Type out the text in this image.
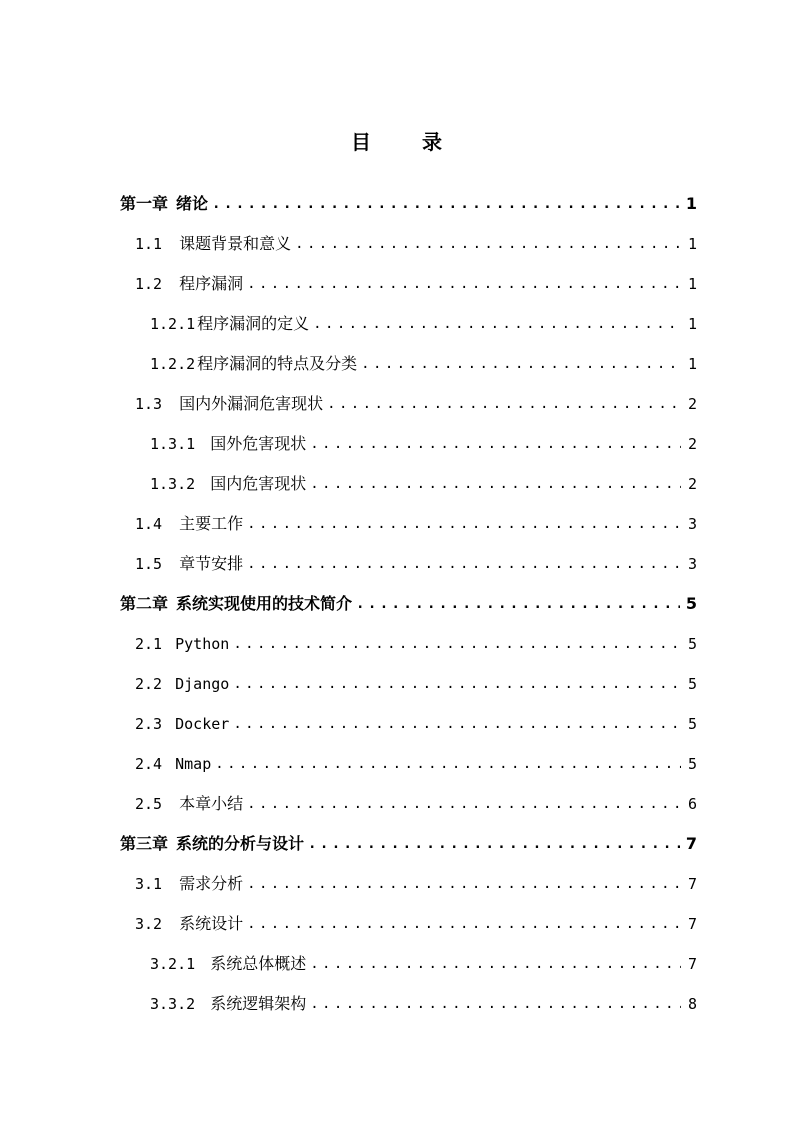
目 录
第一章 绪论 .....	1
1.1 课题背景和意义 .....	1
1.2 程序漏洞 .....	1
1.2.1 程序漏洞的定义 .....	1
1.2.2 程序漏洞的特点及分类 .....	1
1.3 国内外漏洞危害现状 .....	2
1.3.1 国外危害现状 .....	2
1.3.2 国内危害现状 .....	2
1.4 主要工作 .....	3
1.5 章节安排 .....	3
第二章 系统实现使用的技术简介 .....	5
2.1 Python .....	5
2.2 Django .....	5
2.3 Docker .....	5
2.4 Nmap .....	5
2.5 本章小结 .....	6
第三章 系统的分析与设计 .....	7
3.1 需求分析 .....	7
3.2 系统设计 .....	7
3.2.1 系统总体概述 .....	7
3.3.2 系统逻辑架构 .....	8
